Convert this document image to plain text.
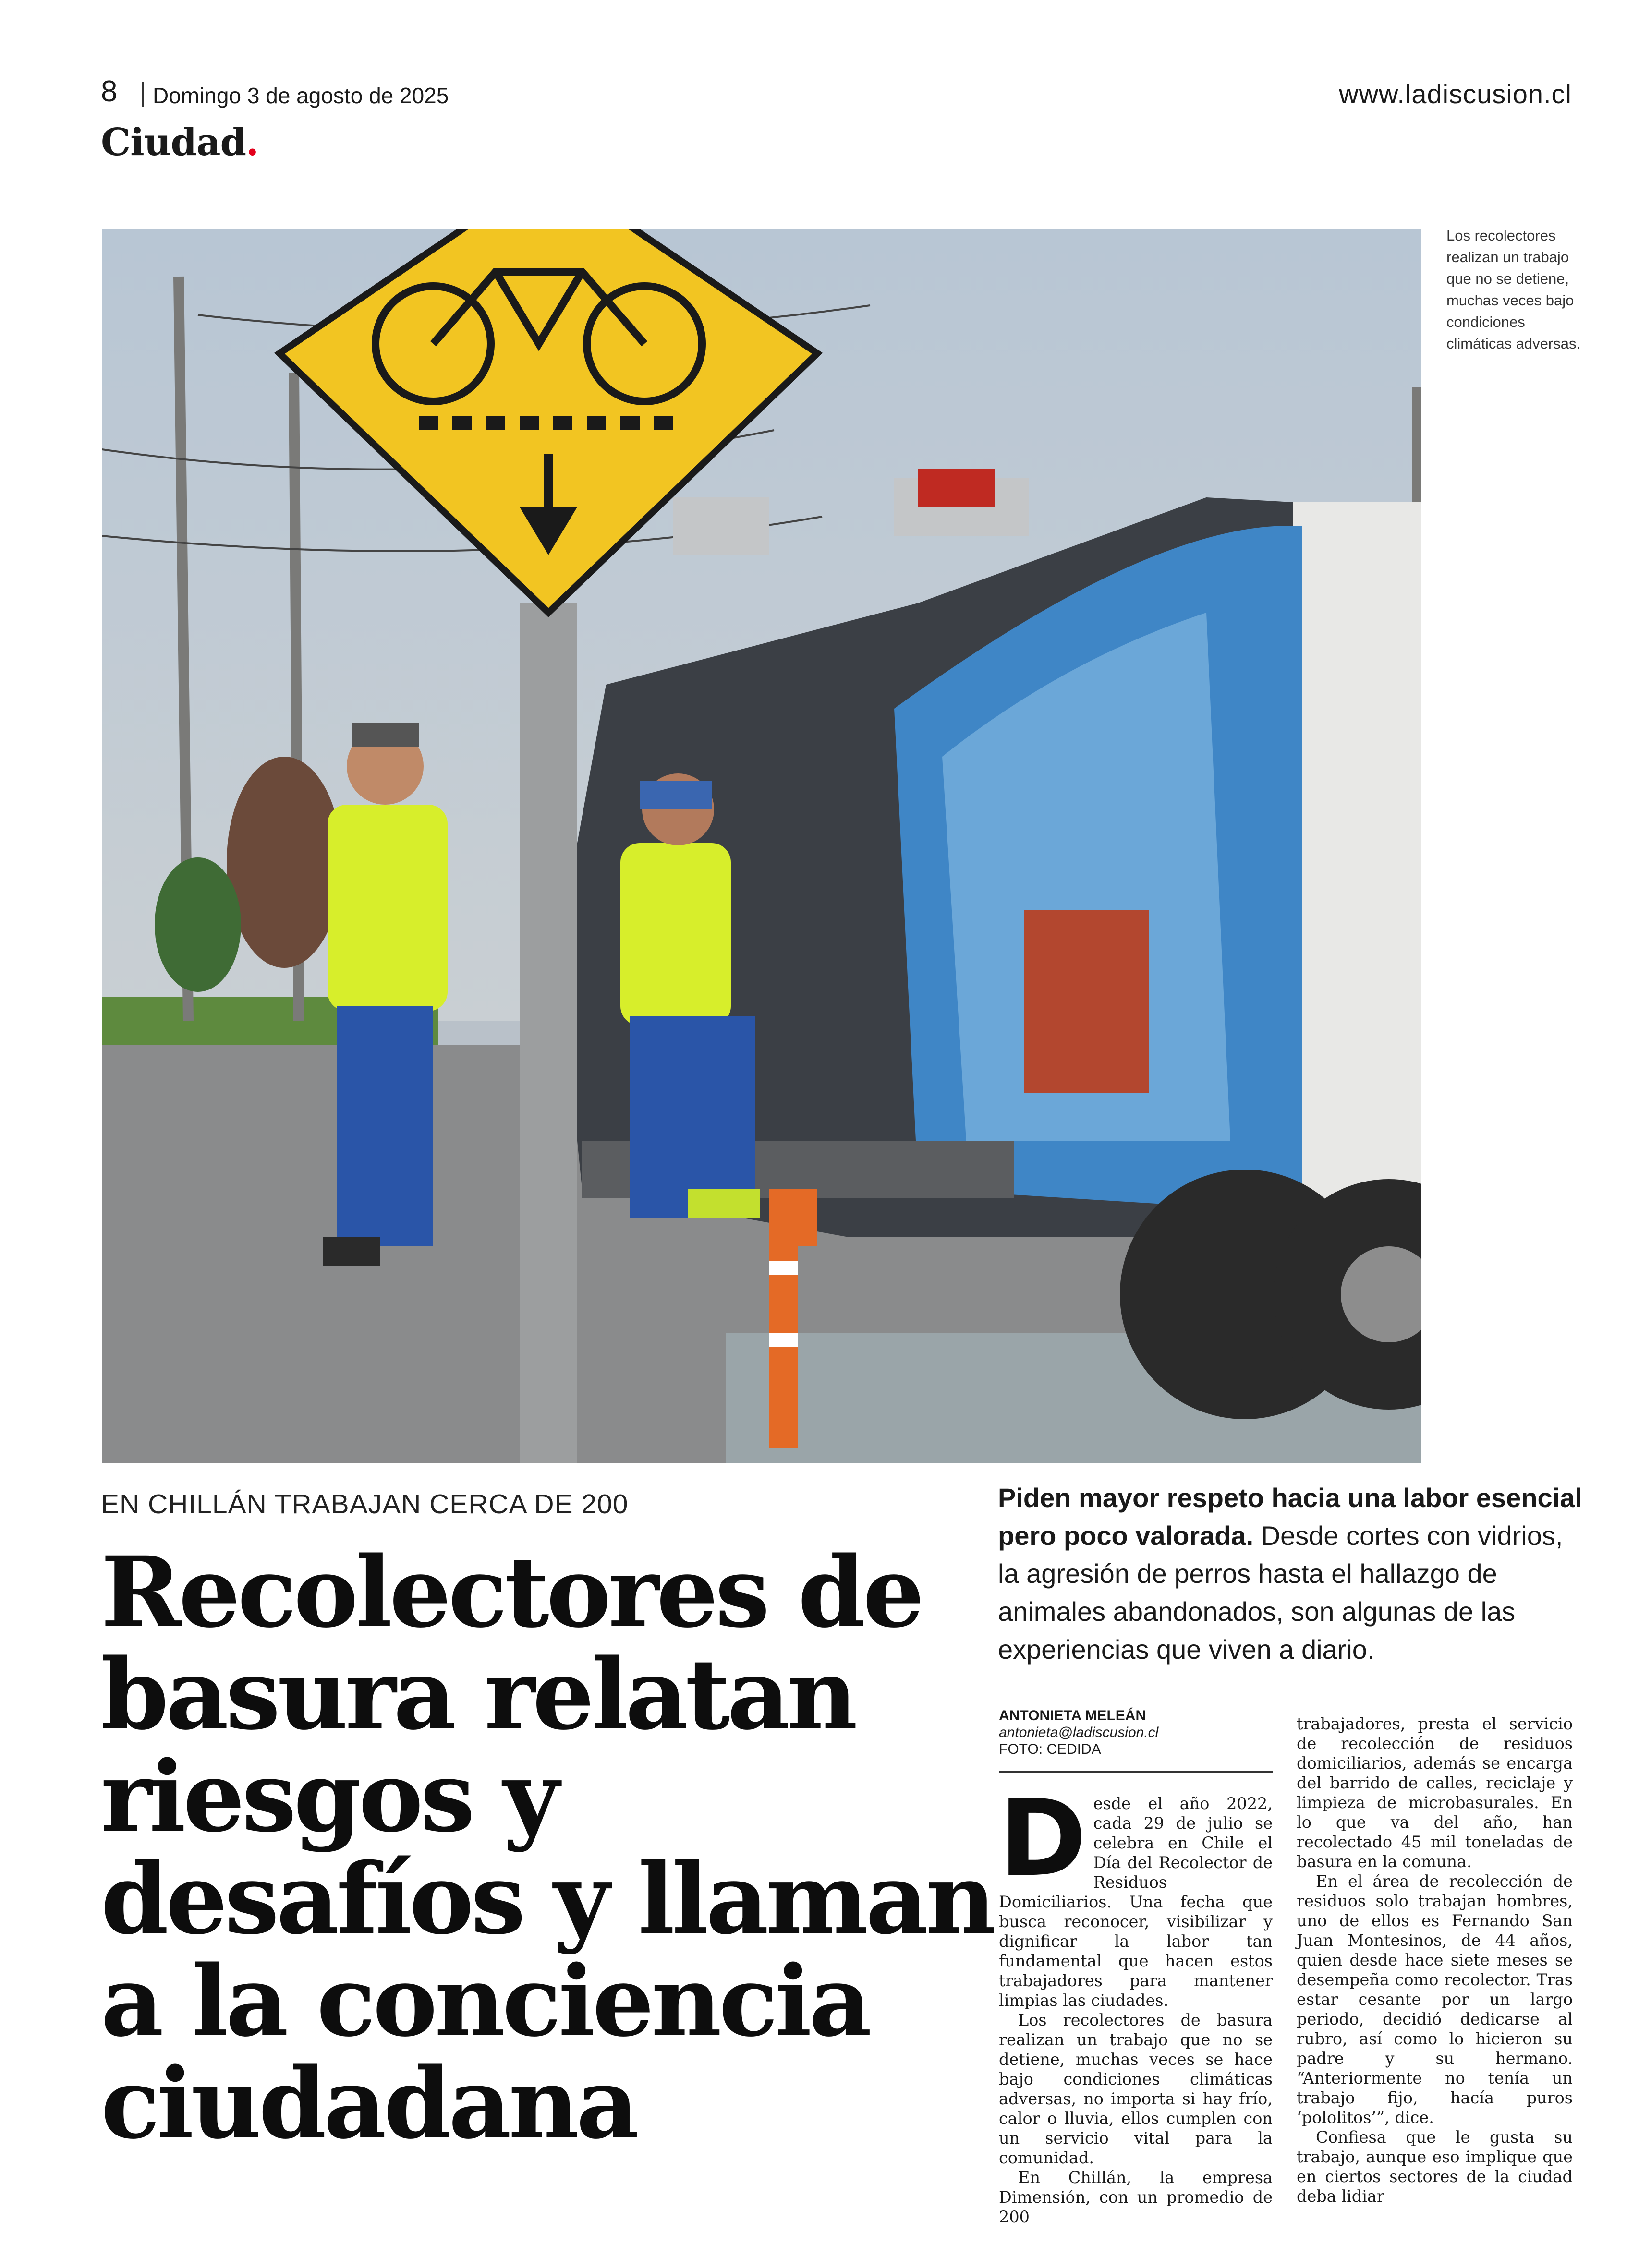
8 Domingo 3 de agosto de 2025	www.ladiscusion.cl
Ciudad.
Los recolectores realizan un trabajo que no se detiene, muchas veces bajo condiciones climáticas adversas.
EN CHILLÁN TRABAJAN CERCA DE 200
Recolectores de basura relatan riesgos y desafíos y llaman a la conciencia ciudadana

Piden mayor respeto hacia una labor esencial pero poco valorada. Desde cortes con vidrios, la agresión de perros hasta el hallazgo de animales abandonados, son algunas de las experiencias que viven a diario.

ANTONIETA MELEÁN
antonieta@ladiscusion.cl
FOTO: CEDIDA
D esde el año 2022, cada 29 de julio se celebra en Chile el Día del Recolector de Residuos Domiciliarios. Una fecha que busca reconocer, visibilizar y dignificar la labor tan fundamental que hacen estos trabajadores para mantener limpias las ciudades.

Los recolectores de basura realizan un trabajo que no se detiene, muchas veces se hace bajo condiciones climáticas adversas, no importa si hay frío, calor o lluvia, ellos cumplen con un servicio vital para la comunidad.

En Chillán, la empresa Dimensión, con un promedio de 200

trabajadores, presta el servicio de recolección de residuos domiciliarios, además se encarga del barrido de calles, reciclaje y limpieza de microbasurales. En lo que va del año, han recolectado 45 mil toneladas de basura en la comuna.

En el área de recolección de residuos solo trabajan hombres, uno de ellos es Fernando San Juan Montesinos, de 44 años, quien desde hace siete meses se desempeña como recolector. Tras estar cesante por un largo periodo, decidió dedicarse al rubro, así como lo hicieron su padre y su hermano. “Anteriormente no tenía un trabajo fijo, hacía puros ‘pololitos’”, dice.

Confiesa que le gusta su trabajo, aunque eso implique que en ciertos sectores de la ciudad deba lidiar
